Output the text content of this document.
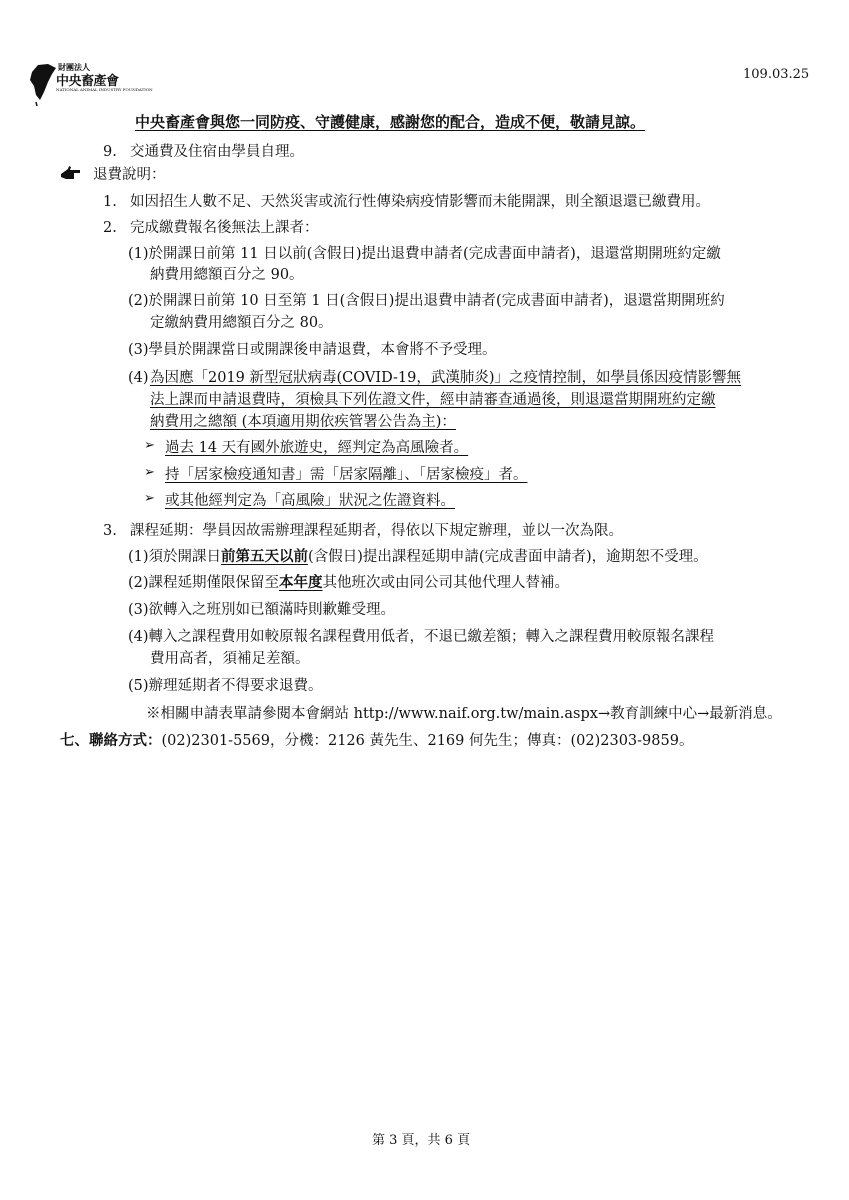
財團法人
中央畜產會
NATIONAL ANIMAL INDUSTRY FOUNDATION
109.03.25
中央畜產會與您一同防疫、守護健康，感謝您的配合，造成不便，敬請見諒。
9. 交通費及住宿由學員自理。
退費說明：
1. 如因招生人數不足、天然災害或流行性傳染病疫情影響而未能開課，則全額退還已繳費用。
2. 完成繳費報名後無法上課者：
(1)於開課日前第 11 日以前(含假日)提出退費申請者(完成書面申請者)，退還當期開班約定繳
納費用總額百分之 90。
(2)於開課日前第 10 日至第 1 日(含假日)提出退費申請者(完成書面申請者)，退還當期開班約
定繳納費用總額百分之 80。
(3)學員於開課當日或開課後申請退費，本會將不予受理。
(4) 為因應「2019 新型冠狀病毒(COVID-19，武漢肺炎)」之疫情控制，如學員係因疫情影響無
法上課而申請退費時，須檢具下列佐證文件，經申請審查通過後，則退還當期開班約定繳
納費用之總額 (本項適用期依疾管署公告為主)：
➢ 過去 14 天有國外旅遊史，經判定為高風險者。
➢ 持「居家檢疫通知書」需「居家隔離」、「居家檢疫」者。
➢ 或其他經判定為「高風險」狀況之佐證資料。
3. 課程延期：學員因故需辦理課程延期者，得依以下規定辦理，並以一次為限。
(1)須於開課日前第五天以前(含假日)提出課程延期申請(完成書面申請者)，逾期恕不受理。
(2)課程延期僅限保留至本年度其他班次或由同公司其他代理人替補。
(3)欲轉入之班別如已額滿時則歉難受理。
(4)轉入之課程費用如較原報名課程費用低者，不退已繳差額；轉入之課程費用較原報名課程
費用高者，須補足差額。
(5)辦理延期者不得要求退費。
※相關申請表單請參閱本會網站 http://www.naif.org.tw/main.aspx→教育訓練中心→最新消息。
七、聯絡方式：(02)2301-5569，分機：2126 黃先生、2169 何先生；傳真：(02)2303-9859。
第 3 頁，共 6 頁
